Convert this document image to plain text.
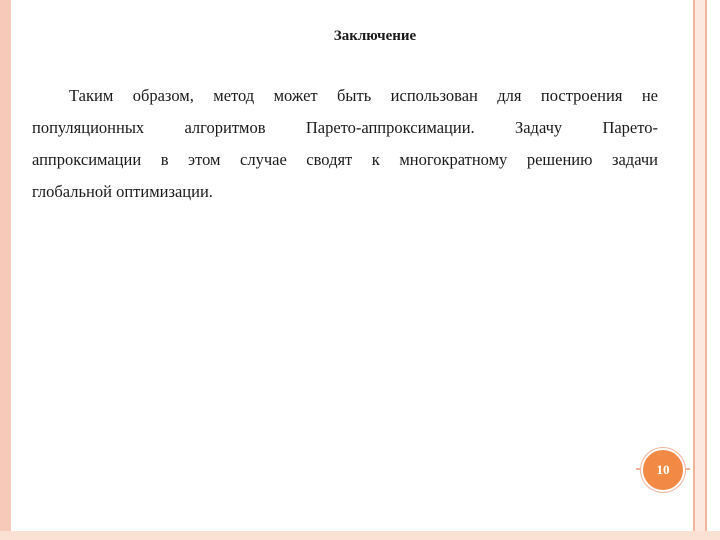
Заключение
Таким образом, метод может быть использован для построения не
популяционных алгоритмов Парето-аппроксимации. Задачу Парето-
аппроксимации в этом случае сводят к многократному решению задачи
глобальной оптимизации.
10
